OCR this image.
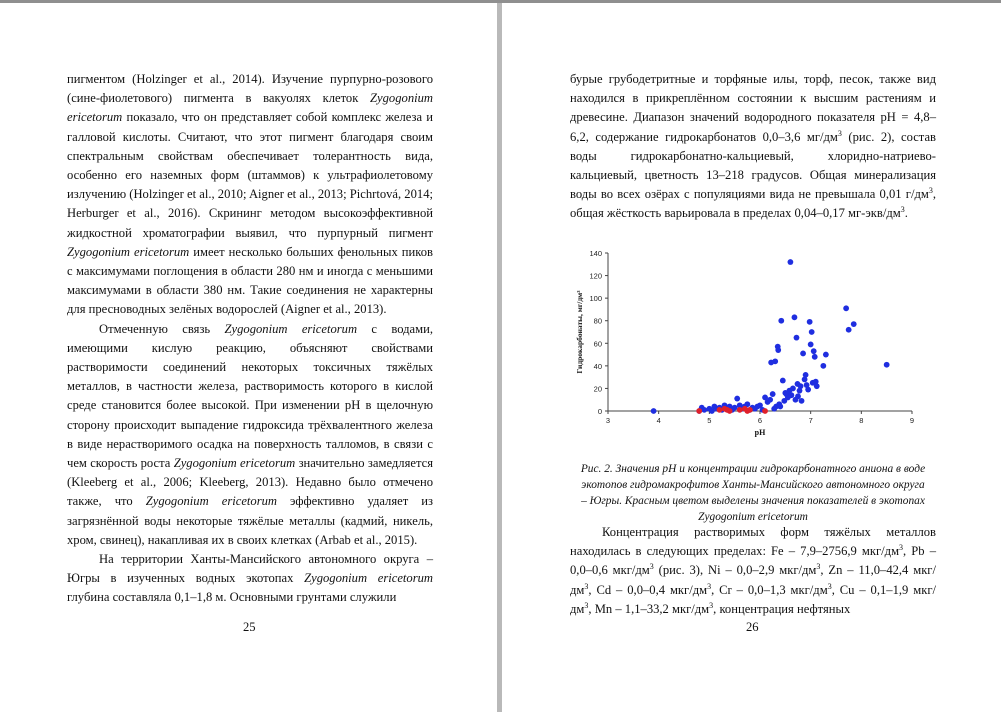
пигментом (Holzinger et al., 2014). Изучение пурпурно-розового (сине-фиолетового) пигмента в вакуолях клеток Zygogonium ericetorum показало, что он представляет собой комплекс железа и галловой кислоты. Считают, что этот пигмент благодаря своим спектральным свойствам обеспечивает толерантность вида, особенно его наземных форм (штаммов) к ультрафиолетовому излучению (Holzinger et al., 2010; Aigner et al., 2013; Pichrtová, 2014; Herburger et al., 2016). Скрининг методом высокоэффективной жидкостной хроматографии выявил, что пурпурный пигмент Zygogonium ericetorum имеет несколько больших фенольных пиков с максимумами поглощения в области 280 нм и иногда с меньшими максимумами в области 380 нм. Такие соединения не характерны для пресноводных зелёных водорослей (Aigner et al., 2013).

Отмеченную связь Zygogonium ericetorum с водами, имеющими кислую реакцию, объясняют свойствами растворимости соединений некоторых токсичных тяжёлых металлов, в частности железа, растворимость которого в кислой среде становится более высокой. При изменении pH в щелочную сторону происходит выпадение гидроксида трёхвалентного железа в виде нерастворимого осадка на поверхность талломов, в связи с чем скорость роста Zygogonium ericetorum значительно замедляется (Kleeberg et al., 2006; Kleeberg, 2013). Недавно было отмечено также, что Zygogonium ericetorum эффективно удаляет из загрязнённой воды некоторые тяжёлые металлы (кадмий, никель, хром, свинец), накапливая их в своих клетках (Arbab et al., 2015).

На территории Ханты-Мансийского автономного округа – Югры в изученных водных экотопах Zygogonium ericetorum глубина составляла 0,1–1,8 м. Основными грунтами служили

25

бурые грубодетритные и торфяные илы, торф, песок, также вид находился в прикреплённом состоянии к высшим растениям и древесине. Диапазон значений водородного показателя pH = 4,8–6,2, содержание гидрокарбонатов 0,0–3,6 $мг/дм^3$ (рис. 2), состав воды гидрокарбонатно-кальциевый, хлоридно-натриево-кальциевый, цветность 13–218 градусов. Общая минерализация воды во всех озёрах с популяциями вида не превышала 0,01 $г/дм^3$, общая жёсткость варьировала в пределах 0,04–0,17 $мг-экв/дм^3$.

0
20
40
60
80
100
120
140
3	4	5	6	7	8	9
pH
Гидрокарбонаты, мг/дм³
Рис. 2. Значения pH и концентрации гидрокарбонатного аниона в воде
экотопов гидромакрофитов Ханты-Мансийского автономного округа
– Югры. Красным цветом выделены значения показателей в экотопах
Zygogonium ericetorum

Концентрация растворимых форм тяжёлых металлов находилась в следующих пределах: Fe – 7,9–2756,9 мкг/$дм^3$, Pb – 0,0–0,6 мкг/$дм^3$ (рис. 3), Ni – 0,0–2,9 мкг/$дм^3$, Zn – 11,0–42,4 мкг/$дм^3$, Cd – 0,0–0,4 мкг/$дм^3$, Cr – 0,0–1,3 мкг/$дм^3$, Cu – 0,1–1,9 мкг/$дм^3$, Mn – 1,1–33,2 мкг/$дм^3$, концентрация нефтяных

26
